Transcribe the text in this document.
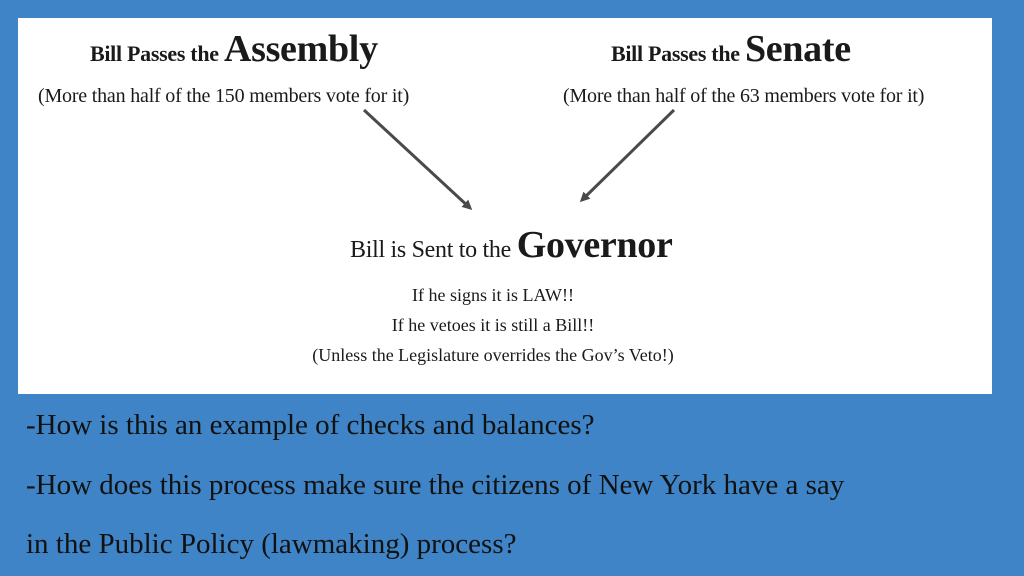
Bill Passes the Assembly
(More than half of the 150 members vote for it)
Bill Passes the Senate
(More than half of the 63 members vote for it)
Bill is Sent to the Governor
If he signs it is LAW!!
If he vetoes it is still a Bill!!
(Unless the Legislature overrides the Gov’s Veto!)
-How is this an example of checks and balances?
-How does this process make sure the citizens of New York have a say
in the Public Policy (lawmaking) process?
